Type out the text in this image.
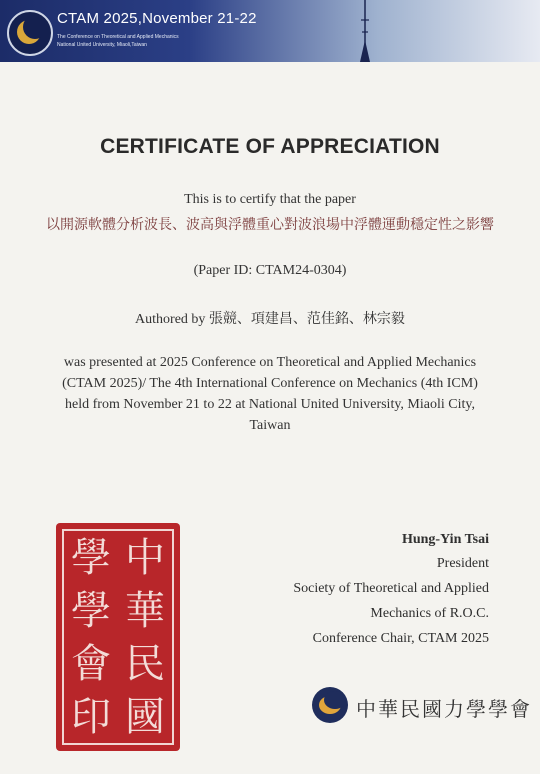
CTAM 2025,November 21-22
The Conference on Theoretical and Applied Mechanics
National United University, Miaoli,Taiwan
CERTIFICATE OF APPRECIATION
This is to certify that the paper
以開源軟體分析波長、波高與浮體重心對波浪場中浮體運動穩定性之影響
(Paper ID: CTAM24-0304)
Authored by 張競、項建昌、范佳銘、林宗毅
was presented at 2025 Conference on Theoretical and Applied Mechanics
(CTAM 2025)/ The 4th International Conference on Mechanics (4th ICM)
held from November 21 to 22 at National United University, Miaoli City,
Taiwan
學 中
學 華
會 民
印 國
Hung-Yin Tsai
President
Society of Theoretical and Applied
Mechanics of R.O.C.
Conference Chair, CTAM 2025
中華民國力學學會
